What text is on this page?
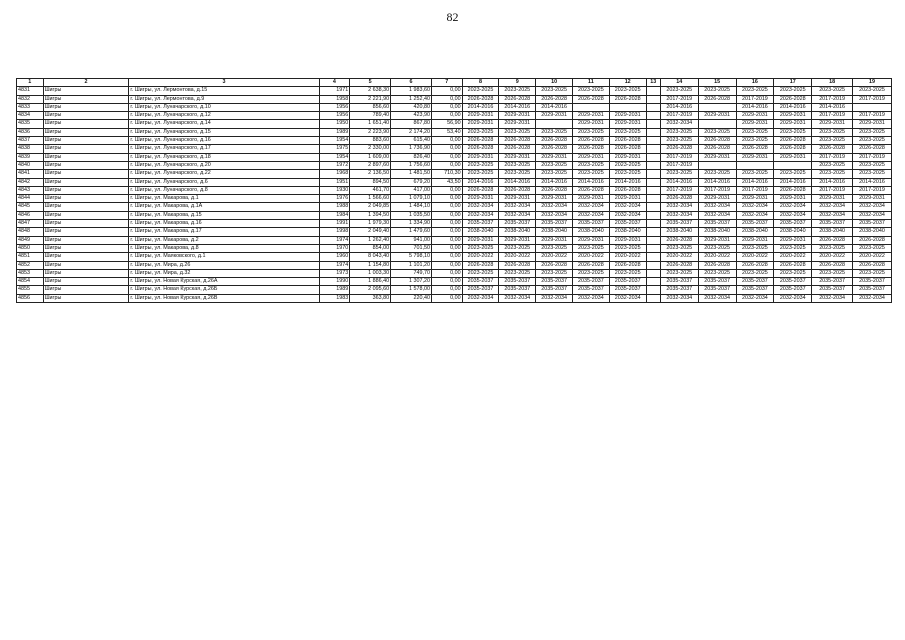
82
1	2	3	4	5	6	7	8	9	10	11	12	13	14	15	16	17	18	19
4831	Шигры	г. Шигры, ул. Лермонтова, д.15	1971	2 638,30	1 983,60	0,00	2023-2025	2023-2025	2023-2025	2023-2025	2023-2025		2023-2025	2023-2025	2023-2025	2023-2025	2023-2025	2023-2025
4832	Шигры	г. Шигры, ул. Лермонтова, д.9	1958	2 221,90	1 252,40	0,00	2026-2028	2026-2028	2026-2028	2026-2028	2026-2028		2017-2019	2026-2028	2017-2019	2026-2028	2017-2019	2017-2019
4833	Шигры	г. Шигры, ул. Луначарского, д.10	1956	856,60	420,80	0,00	2014-2016	2014-2016	2014-2016				2014-2016		2014-2016	2014-2016	2014-2016	
4834	Шигры	г. Шигры, ул. Луначарского, д.12	1956	789,40	423,90	0,00	2029-2031	2029-2031	2029-2031	2029-2031	2029-2031		2017-2019	2029-2031	2029-2031	2029-2031	2017-2019	2017-2019
4835	Шигры	г. Шигры, ул. Луначарского, д.14	1950	1 651,40	867,80	56,90	2029-2031	2029-2031		2029-2031	2029-2031		2032-2034		2029-2031	2029-2031	2029-2031	2029-2031
4836	Шигры	г. Шигры, ул. Луначарского, д.15	1989	2 223,90	2 174,20	53,40	2023-2025	2023-2025	2023-2025	2023-2025	2023-2025		2023-2025	2023-2025	2023-2025	2023-2025	2023-2025	2023-2025
4837	Шигры	г. Шигры, ул. Луначарского, д.16	1954	883,60	615,40	0,00	2026-2028	2026-2028	2026-2028	2026-2028	2026-2028		2023-2025	2026-2028	2023-2025	2026-2028	2023-2025	2023-2025
4838	Шигры	г. Шигры, ул. Луначарского, д.17	1975	2 330,00	1 736,90	0,00	2026-2028	2026-2028	2026-2028	2026-2028	2026-2028		2026-2028	2026-2028	2026-2028	2026-2028	2026-2028	2026-2028
4839	Шигры	г. Шигры, ул. Луначарского, д.18	1954	1 609,00	826,40	0,00	2029-2031	2029-2031	2029-2031	2029-2031	2029-2031		2017-2019	2029-2031	2029-2031	2029-2031	2017-2019	2017-2019
4840	Шигры	г. Шигры, ул. Луначарского, д.20	1972	2 897,60	1 756,60	0,00	2023-2025	2023-2025	2023-2025	2023-2025	2023-2025		2017-2019				2023-2025	2023-2025
4841	Шигры	г. Шигры, ул. Луначарского, д.22	1968	2 136,50	1 481,50	710,30	2023-2025	2023-2025	2023-2025	2023-2025	2023-2025		2023-2025	2023-2025	2023-2025	2023-2025	2023-2025	2023-2025
4842	Шигры	г. Шигры, ул. Луначарского, д.6	1951	894,50	679,20	43,50	2014-2016	2014-2016	2014-2016	2014-2016	2014-2016		2014-2016	2014-2016	2014-2016	2014-2016	2014-2016	2014-2016
4843	Шигры	г. Шигры, ул. Луначарского, д.8	1930	461,70	417,00	0,00	2026-2028	2026-2028	2026-2028	2026-2028	2026-2028		2017-2019	2017-2019	2017-2019	2026-2028	2017-2019	2017-2019
4844	Шигры	г. Шигры, ул. Макарова, д.1	1976	1 566,60	1 079,10	0,00	2029-2031	2029-2031	2029-2031	2029-2031	2029-2031		2026-2028	2029-2031	2029-2031	2029-2031	2029-2031	2029-2031
4845	Шигры	г. Шигры, ул. Макарова, д.1А	1988	2 049,85	1 484,10	0,00	2032-2034	2032-2034	2032-2034	2032-2034	2032-2034		2032-2034	2032-2034	2032-2034	2032-2034	2032-2034	2032-2034
4846	Шигры	г. Шигры, ул. Макарова, д.15	1984	1 394,50	1 035,50	0,00	2032-2034	2032-2034	2032-2034	2032-2034	2032-2034		2032-2034	2032-2034	2032-2034	2032-2034	2032-2034	2032-2034
4847	Шигры	г. Шигры, ул. Макарова, д.16	1991	1 979,30	1 334,90	0,00	2035-2037	2035-2037	2035-2037	2035-2037	2035-2037		2035-2037	2035-2037	2035-2037	2035-2037	2035-2037	2035-2037
4848	Шигры	г. Шигры, ул. Макарова, д.17	1998	2 049,40	1 479,60	0,00	2038-2040	2038-2040	2038-2040	2038-2040	2038-2040		2038-2040	2038-2040	2038-2040	2038-2040	2038-2040	2038-2040
4849	Шигры	г. Шигры, ул. Макарова, д.2	1974	1 262,40	941,00	0,00	2029-2031	2029-2031	2029-2031	2029-2031	2029-2031		2026-2028	2029-2031	2029-2031	2029-2031	2026-2028	2026-2028
4850	Шигры	г. Шигры, ул. Макарова, д.8	1970	854,00	701,50	0,00	2023-2025	2023-2025	2023-2025	2023-2025	2023-2025		2023-2025	2023-2025	2023-2025	2023-2025	2023-2025	2023-2025
4851	Шигры	г. Шигры, ул. Маяковского, д.1	1960	8 043,40	5 798,10	0,00	2020-2022	2020-2022	2020-2022	2020-2022	2020-2022		2020-2022	2020-2022	2020-2022	2020-2022	2020-2022	2020-2022
4852	Шигры	г. Шигры, ул. Мира, д.26	1974	1 154,80	1 101,20	0,00	2026-2028	2026-2028	2026-2028	2026-2028	2026-2028		2026-2028	2026-2028	2026-2028	2026-2028	2026-2028	2026-2028
4853	Шигры	г. Шигры, ул. Мира, д.32	1973	1 003,30	749,70	0,00	2023-2025	2023-2025	2023-2025	2023-2025	2023-2025		2023-2025	2023-2025	2023-2025	2023-2025	2023-2025	2023-2025
4854	Шигры	г. Шигры, ул. Новая Курская, д.26А	1990	1 886,40	1 307,20	0,00	2035-2037	2035-2037	2035-2037	2035-2037	2035-2037		2035-2037	2035-2037	2035-2037	2035-2037	2035-2037	2035-2037
4855	Шигры	г. Шигры, ул. Новая Курская, д.26Б	1989	2 095,60	1 578,00	0,00	2035-2037	2035-2037	2035-2037	2035-2037	2035-2037		2035-2037	2035-2037	2035-2037	2035-2037	2035-2037	2035-2037
4856	Шигры	г. Шигры, ул. Новая Курская, д.26В	1983	363,80	220,40	0,00	2032-2034	2032-2034	2032-2034	2032-2034	2032-2034		2032-2034	2032-2034	2032-2034	2032-2034	2032-2034	2032-2034
